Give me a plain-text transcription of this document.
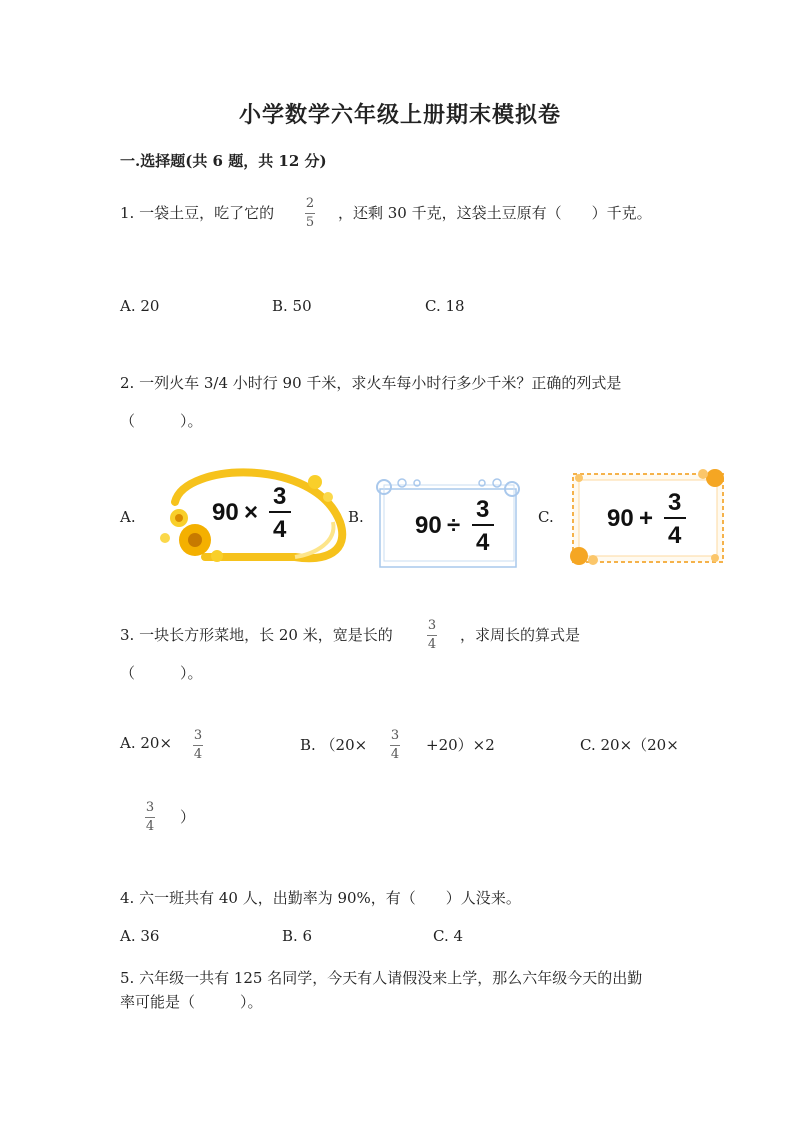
小学数学六年级上册期末模拟卷
一.选择题(共 6 题，共 12 分)
1. 一袋土豆，吃了它的
2
5
，还剩 30 千克，这袋土豆原有（　　）千克。
A. 20	B. 50	C. 18
2. 一列火车 3/4 小时行 90 千米，求火车每小时行多少千米？正确的列式是
（　　　）。
A.	90 ×
3
4	B. 90 ÷
3
4
C. 90 +
3
4
3. 一块长方形菜地，长 20 米，宽是长的
3
4
，求周长的算式是
（　　　）。
A. 20× 3
4
B. （20×
3
4
+20）×2	C. 20×（20×
3
4
）
4. 六一班共有 40 人，出勤率为 90%，有（　　）人没来。
A. 36	B. 6	C. 4
5. 六年级一共有 125 名同学，今天有人请假没来上学，那么六年级今天的出勤
率可能是（　　　）。
